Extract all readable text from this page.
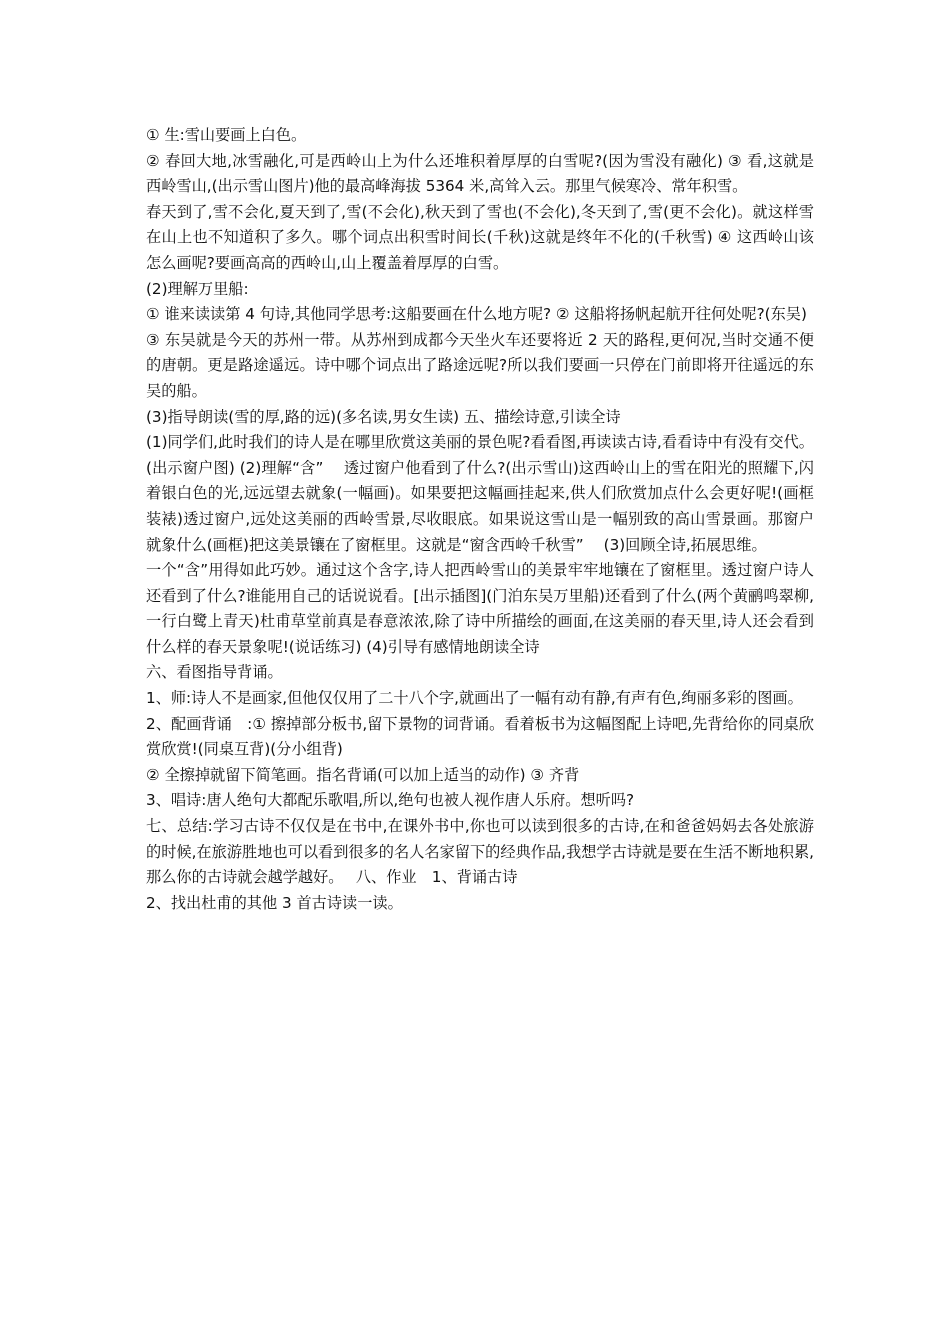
① 生:雪山要画上白色。

② 春回大地,冰雪融化,可是西岭山上为什么还堆积着厚厚的白雪呢?(因为雪没有融化) ③ 看,这就是西岭雪山,(出示雪山图片)他的最高峰海拔 5364 米,高耸入云。那里气候寒冷、常年积雪。

春天到了,雪不会化,夏天到了,雪(不会化),秋天到了雪也(不会化),冬天到了,雪(更不会化)。就这样雪在山上也不知道积了多久。哪个词点出积雪时间长(千秋)这就是终年不化的(千秋雪) ④ 这西岭山该怎么画呢?要画高高的西岭山,山上覆盖着厚厚的白雪。

(2)理解万里船:

① 谁来读读第 4 句诗,其他同学思考:这船要画在什么地方呢? ② 这船将扬帆起航开往何处呢?(东吴)

③ 东吴就是今天的苏州一带。从苏州到成都今天坐火车还要将近 2 天的路程,更何况,当时交通不便的唐朝。更是路途遥远。诗中哪个词点出了路途远呢?所以我们要画一只停在门前即将开往遥远的东吴的船。

(3)指导朗读(雪的厚,路的远)(多名读,男女生读) 五、描绘诗意,引读全诗

(1)同学们,此时我们的诗人是在哪里欣赏这美丽的景色呢?看看图,再读读古诗,看看诗中有没有交代。(出示窗户图) (2)理解“含”　 透过窗户他看到了什么?(出示雪山)这西岭山上的雪在阳光的照耀下,闪着银白色的光,远远望去就象(一幅画)。如果要把这幅画挂起来,供人们欣赏加点什么会更好呢!(画框装裱)透过窗户,远处这美丽的西岭雪景,尽收眼底。如果说这雪山是一幅别致的高山雪景画。那窗户就象什么(画框)把这美景镶在了窗框里。这就是“窗含西岭千秋雪”　 (3)回顾全诗,拓展思维。

一个“含”用得如此巧妙。通过这个含字,诗人把西岭雪山的美景牢牢地镶在了窗框里。透过窗户诗人还看到了什么?谁能用自己的话说说看。[出示插图](门泊东吴万里船)还看到了什么(两个黄鹂鸣翠柳,一行白鹭上青天)杜甫草堂前真是春意浓浓,除了诗中所描绘的画面,在这美丽的春天里,诗人还会看到什么样的春天景象呢!(说话练习) (4)引导有感情地朗读全诗

六、看图指导背诵。

1、师:诗人不是画家,但他仅仅用了二十八个字,就画出了一幅有动有静,有声有色,绚丽多彩的图画。

2、配画背诵　:① 擦掉部分板书,留下景物的词背诵。看着板书为这幅图配上诗吧,先背给你的同桌欣赏欣赏!(同桌互背)(分小组背)

② 全擦掉就留下简笔画。指名背诵(可以加上适当的动作) ③ 齐背

3、唱诗:唐人绝句大都配乐歌唱,所以,绝句也被人视作唐人乐府。想听吗?

七、总结:学习古诗不仅仅是在书中,在课外书中,你也可以读到很多的古诗,在和爸爸妈妈去各处旅游的时候,在旅游胜地也可以看到很多的名人名家留下的经典作品,我想学古诗就是要在生活不断地积累,那么你的古诗就会越学越好。　 八、作业　1、背诵古诗

2、找出杜甫的其他 3 首古诗读一读。
